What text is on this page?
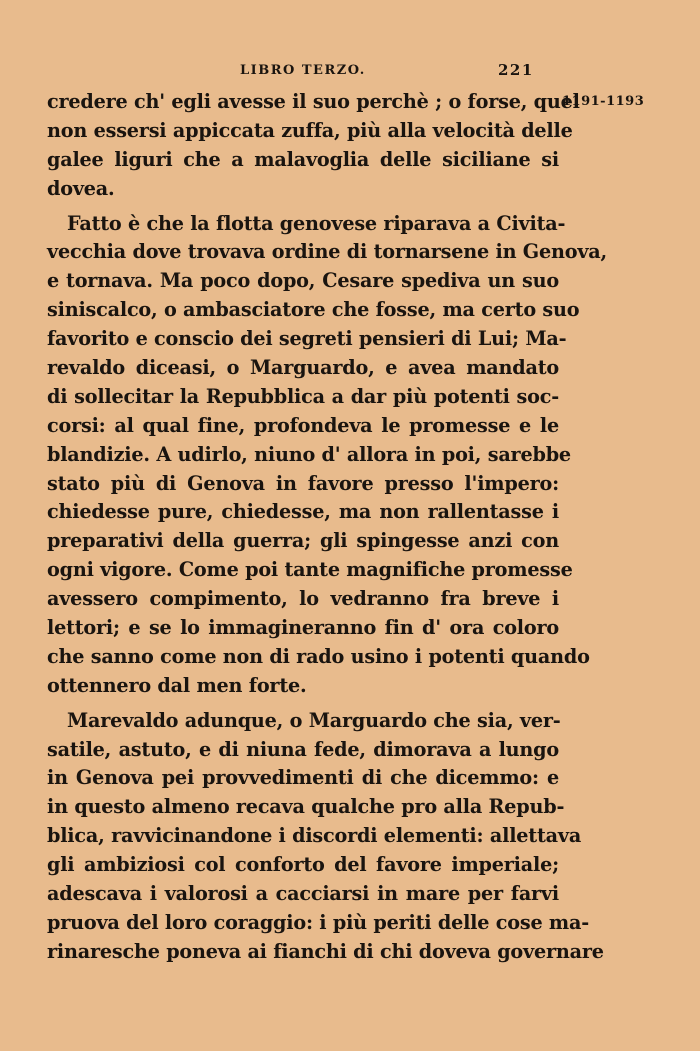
LIBRO TERZO.	221
1191-1193
credere ch' egli avesse il suo perchè ; o forse, quel
non essersi appiccata zuffa, più alla velocità delle
galee liguri che a malavoglia delle siciliane si
dovea.
Fatto è che la flotta genovese riparava a Civita-
vecchia dove trovava ordine di tornarsene in Genova,
e tornava. Ma poco dopo, Cesare spediva un suo
siniscalco, o ambasciatore che fosse, ma certo suo
favorito e conscio dei segreti pensieri di Lui; Ma-
revaldo diceasi, o Marguardo, e avea mandato
di sollecitar la Repubblica a dar più potenti soc-
corsi: al qual fine, profondeva le promesse e le
blandizie. A udirlo, niuno d' allora in poi, sarebbe
stato più di Genova in favore presso l'impero:
chiedesse pure, chiedesse, ma non rallentasse i
preparativi della guerra; gli spingesse anzi con
ogni vigore. Come poi tante magnifiche promesse
avessero compimento, lo vedranno fra breve i
lettori; e se lo immagineranno fin d' ora coloro
che sanno come non di rado usino i potenti quando
ottennero dal men forte.
Marevaldo adunque, o Marguardo che sia, ver-
satile, astuto, e di niuna fede, dimorava a lungo
in Genova pei provvedimenti di che dicemmo: e
in questo almeno recava qualche pro alla Repub-
blica, ravvicinandone i discordi elementi: allettava
gli ambiziosi col conforto del favore imperiale;
adescava i valorosi a cacciarsi in mare per farvi
pruova del loro coraggio: i più periti delle cose ma-
rinaresche poneva ai fianchi di chi doveva governare
